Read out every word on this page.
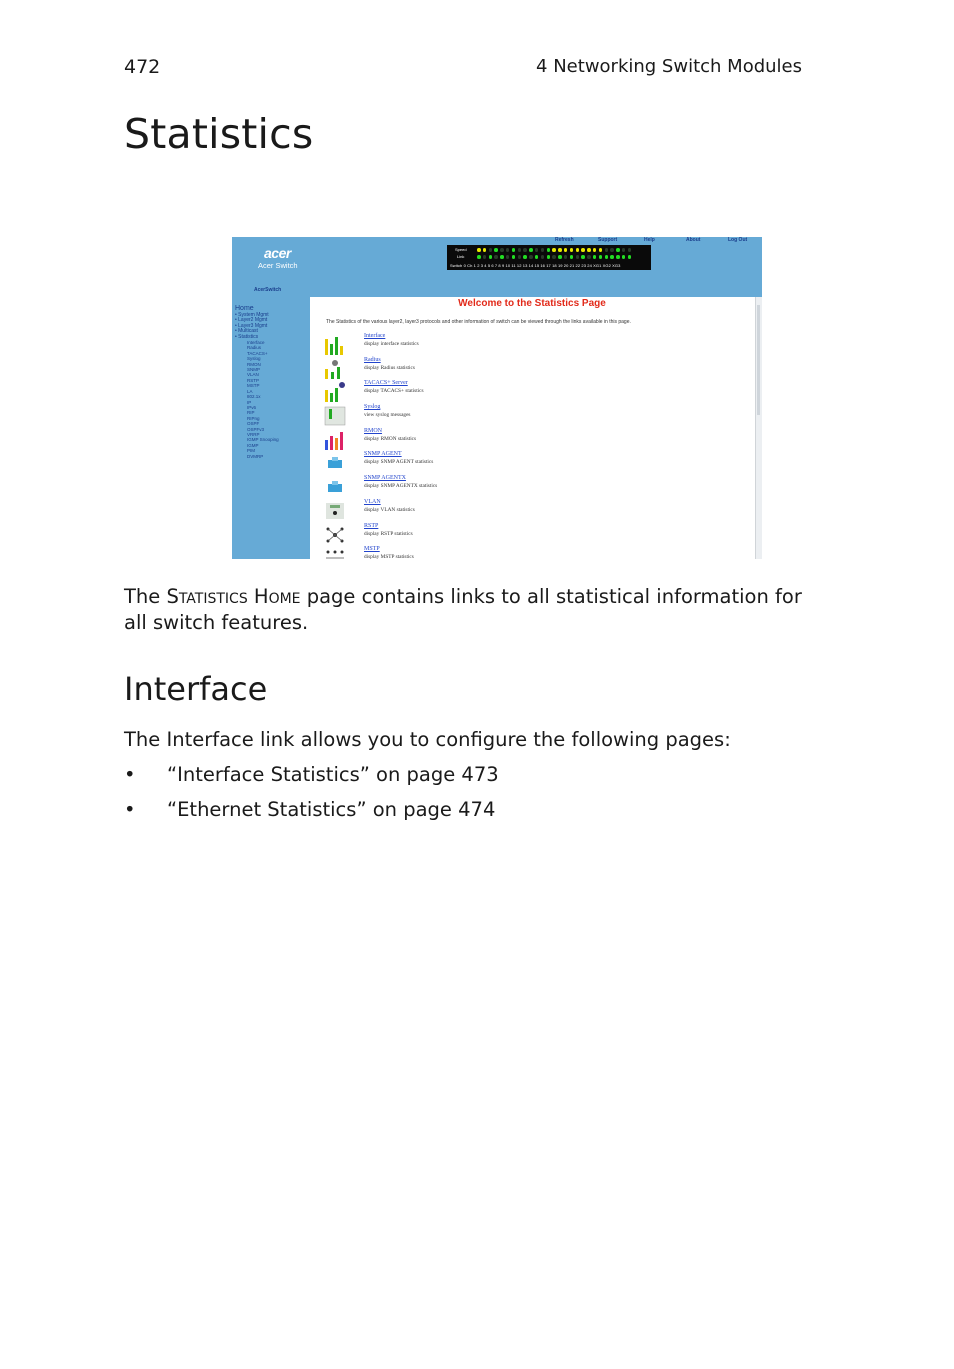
472	4 Networking Switch Modules
Statistics
acer
Acer Switch
Refresh	Support	Help	About	Log Out
Speed
Link
Switch 0 Ch 1 2 3 4 5 6 7 8 9 10 11 12 13 14 15 16 17 18 19 20 21 22 23 24 XG1 XG2 XG3
AcerSwitch
Home
• System Mgmt
• Layer2 Mgmt
• Layer3 Mgmt
• Multicast
• Statistics
Interface
Radius
TACACS+
Syslog
RMON
SNMP
VLAN
RSTP
MSTP
LA
802.1x
IP
IPv6
RIP
RIPng
OSPF
OSPFv3
VRRP
IGMP Snooping
IGMP
PIM
DVMRP
Welcome to the Statistics Page
The Statistics of the various layer2, layer3 protocols and other information of switch can be viewed through the links available in this page.
Interface
display interface statistics
Radius
display Radius statistics
TACACS+ Server
display TACACS+ statistics
Syslog
view syslog messages
RMON
display RMON statistics
SNMP AGENT
display SNMP AGENT statistics
SNMP AGENTX
display SNMP AGENTX statistics
VLAN
display VLAN statistics
RSTP
display RSTP statistics
MSTP
display MSTP statistics

The Statistics Home page contains links to all statistical information for all switch features.

Interface

The Interface link allows you to configure the following pages:

• “Interface Statistics” on page 473
• “Ethernet Statistics” on page 474
